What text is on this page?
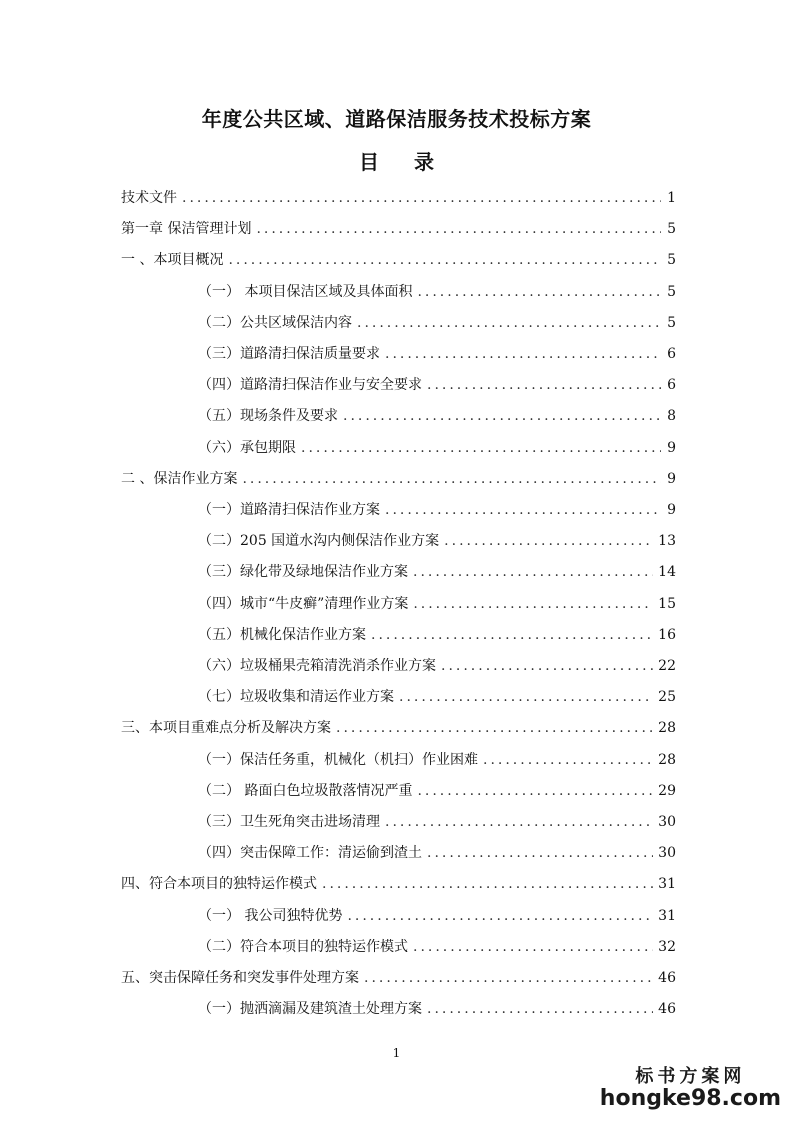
年度公共区域、道路保洁服务技术投标方案
目 录
技术文件 .....	1
第一章 保洁管理计划 .....	5
一 、本项目概况 .....	5
（一） 本项目保洁区域及具体面积 .....	5
（二）公共区域保洁内容 .....	5
（三）道路清扫保洁质量要求 .....	6
（四）道路清扫保洁作业与安全要求 .....	6
（五）现场条件及要求 .....	8
（六）承包期限 .....	9
二 、保洁作业方案 .....	9
（一）道路清扫保洁作业方案 .....	9
（二）205 国道水沟内侧保洁作业方案 .....	13
（三）绿化带及绿地保洁作业方案 .....	14
（四）城市“牛皮癣”清理作业方案 .....	15
（五）机械化保洁作业方案 .....	16
（六）垃圾桶果壳箱清洗消杀作业方案 .....	22
（七）垃圾收集和清运作业方案 .....	25
三、本项目重难点分析及解决方案 .....	28
（一）保洁任务重，机械化（机扫）作业困难 .....	28
（二） 路面白色垃圾散落情况严重 .....	29
（三）卫生死角突击进场清理 .....	30
（四）突击保障工作：清运偷到渣土 .....	30
四、符合本项目的独特运作模式 .....	31
（一） 我公司独特优势 .....	31
（二）符合本项目的独特运作模式 .....	32
五、突击保障任务和突发事件处理方案 .....	46
（一）抛洒滴漏及建筑渣土处理方案 .....	46
1
标书方案网
hongke98.com
